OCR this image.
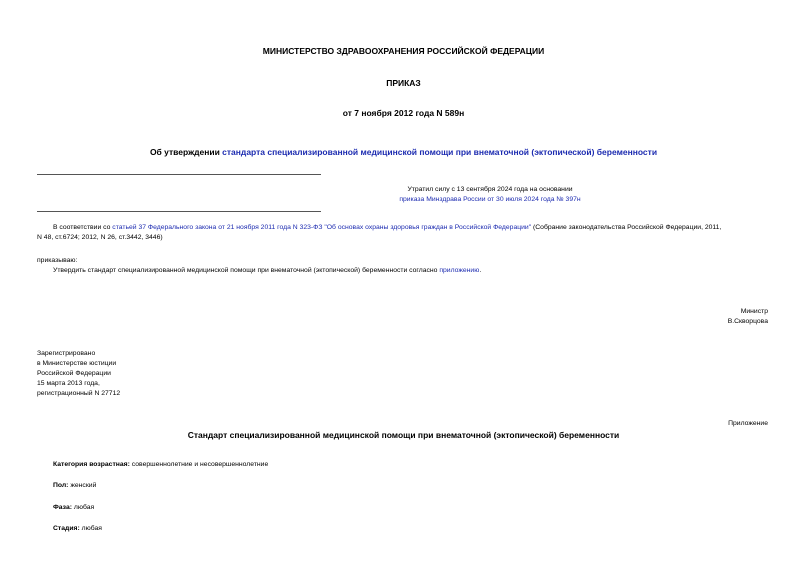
МИНИСТЕРСТВО ЗДРАВООХРАНЕНИЯ РОССИЙСКОЙ ФЕДЕРАЦИИ
ПРИКАЗ
от 7 ноября 2012 года N 589н
Об утверждении стандарта специализированной медицинской помощи при внематочной (эктопической) беременности
Утратил силу с 13 сентября 2024 года на основании
приказа Минздрава России от 30 июля 2024 года № 397н
В соответствии со статьей 37 Федерального закона от 21 ноября 2011 года N 323-ФЗ "Об основах охраны здоровья граждан в Российской Федерации" (Собрание законодательства Российской Федерации, 2011,
N 48, ст.6724; 2012, N 26, ст.3442, 3446)
приказываю:
Утвердить стандарт специализированной медицинской помощи при внематочной (эктопической) беременности согласно приложению.
Министр
В.Скворцова
Зарегистрировано
в Министерстве юстиции
Российской Федерации
15 марта 2013 года,
регистрационный N 27712
Приложение
Стандарт специализированной медицинской помощи при внематочной (эктопической) беременности
Категория возрастная: совершеннолетние и несовершеннолетние
Пол: женский
Фаза: любая
Стадия: любая
